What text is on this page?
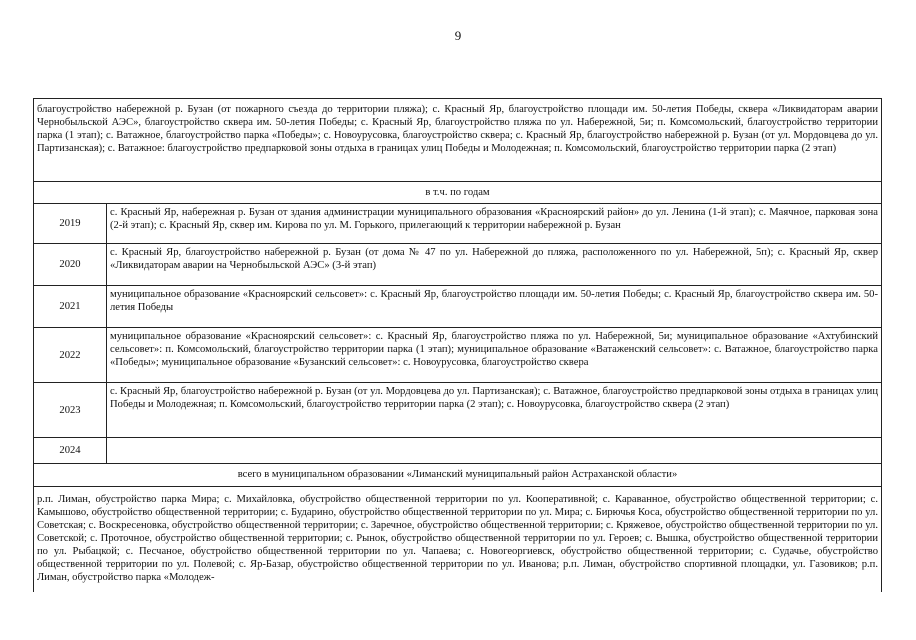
9
благоустройство набережной р. Бузан (от пожарного съезда до территории пляжа); с. Красный Яр, благоустройство площади им. 50-летия Победы, сквера «Ликвидаторам аварии Чернобыльской АЭС», благоустройство сквера им. 50-летия Победы; с. Красный Яр, благоустройство пляжа по ул. Набережной, 5и; п. Комсомольский, благоустройство территории парка (1 этап); с. Ватажное, благоустройство парка «Победы»; с. Новоурусовка, благоустройство сквера; с. Красный Яр, благоустройство набережной р. Бузан (от ул. Мордовцева до ул. Партизанская); с. Ватажное: благоустройство предпарковой зоны отдыха в границах улиц Победы и Молодежная; п. Комсомольский, благоустройство территории парка (2 этап)	
в т.ч. по годам	
2019	с. Красный Яр, набережная р. Бузан от здания администрации муниципального образования «Красноярский район» до ул. Ленина (1-й этап); с. Маячное, парковая зона (2-й этап); с. Красный Яр, сквер им. Кирова по ул. М. Горького, прилегающий к территории набережной р. Бузан
2020	с. Красный Яр, благоустройство набережной р. Бузан (от дома № 47 по ул. Набережной до пляжа, расположенного по ул. Набережной, 5п); с. Красный Яр, сквер «Ликвидаторам аварии на Чернобыльской АЭС» (3-й этап)
2021	муниципальное образование «Красноярский сельсовет»: с. Красный Яр, благоустройство площади им. 50-летия Победы; с. Красный Яр, благоустройство сквера им. 50-летия Победы
2022	муниципальное образование «Красноярский сельсовет»: с. Красный Яр, благоустройство пляжа по ул. Набережной, 5и; муниципальное образование «Ахтубинский сельсовет»: п. Комсомольский, благоустройство территории парка (1 этап); муниципальное образование «Ватаженский сельсовет»: с. Ватажное, благоустройство парка «Победы»; муниципальное образование «Бузанский сельсовет»: с. Новоурусовка, благоустройство сквера
2023	с. Красный Яр, благоустройство набережной р. Бузан (от ул. Мордовцева до ул. Партизанская); с. Ватажное, благоустройство предпарковой зоны отдыха в границах улиц Победы и Молодежная; п. Комсомольский, благоустройство территории парка (2 этап); с. Новоурусовка, благоустройство сквера (2 этап)
2024	
всего в муниципальном образовании «Лиманский муниципальный район Астраханской области»	
р.п. Лиман, обустройство парка Мира; с. Михайловка, обустройство общественной территории по ул. Кооперативной; с. Караванное, обустройство общественной территории; с. Камышово, обустройство общественной территории; с. Бударино, обустройство общественной территории по ул. Мира; с. Бирючья Коса, обустройство общественной территории по ул. Советская; с. Воскресеновка, обустройство общественной территории; с. Заречное, обустройство общественной территории; с. Кряжевое, обустройство общественной территории по ул. Советской; с. Проточное, обустройство общественной территории; с. Рынок, обустройство общественной территории по ул. Героев; с. Вышка, обустройство общественной территории по ул. Рыбацкой; с. Песчаное, обустройство общественной территории по ул. Чапаева; с. Новогеоргиевск, обустройство общественной территории; с. Судачье, обустройство общественной территории по ул. Полевой; с. Яр-Базар, обустройство общественной территории по ул. Иванова; р.п. Лиман, обустройство спортивной площадки, ул. Газовиков; р.п. Лиман, обустройство парка «Молодеж-	
